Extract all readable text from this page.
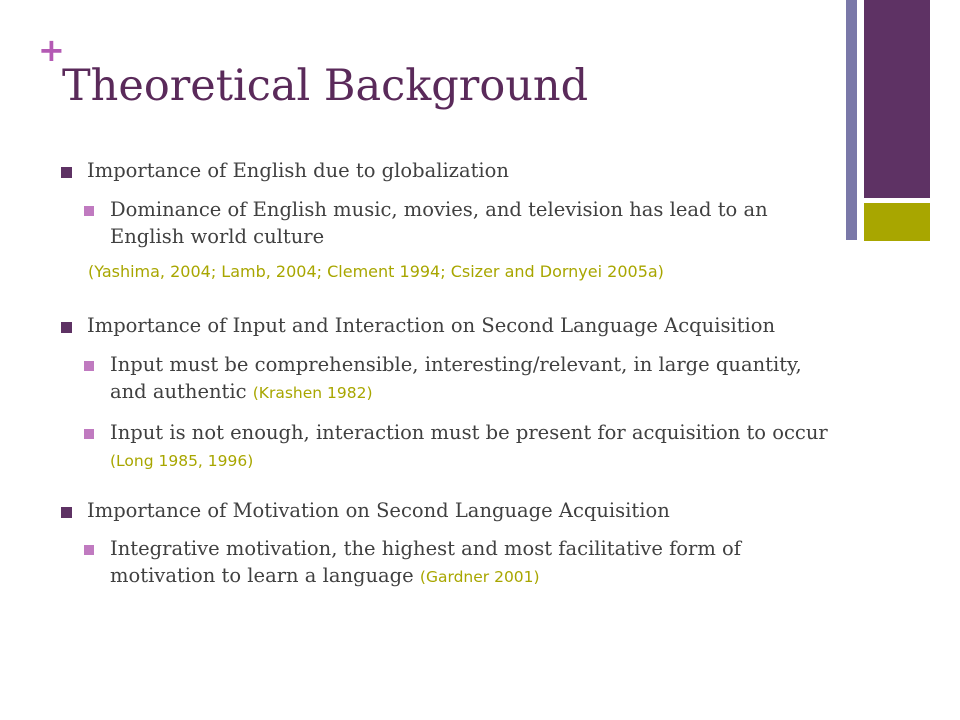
+
Theoretical Background
Importance of English due to globalization
Dominance of English music, movies, and television has lead to an English world culture
(Yashima, 2004; Lamb, 2004; Clement 1994; Csizer and Dornyei 2005a)
Importance of Input and Interaction on Second Language Acquisition
Input must be comprehensible, interesting/relevant, in large quantity, and authentic (Krashen 1982)
Input is not enough, interaction must be present for acquisition to occur (Long 1985, 1996)
Importance of Motivation on Second Language Acquisition
Integrative motivation, the highest and most facilitative form of motivation to learn a language (Gardner 2001)
